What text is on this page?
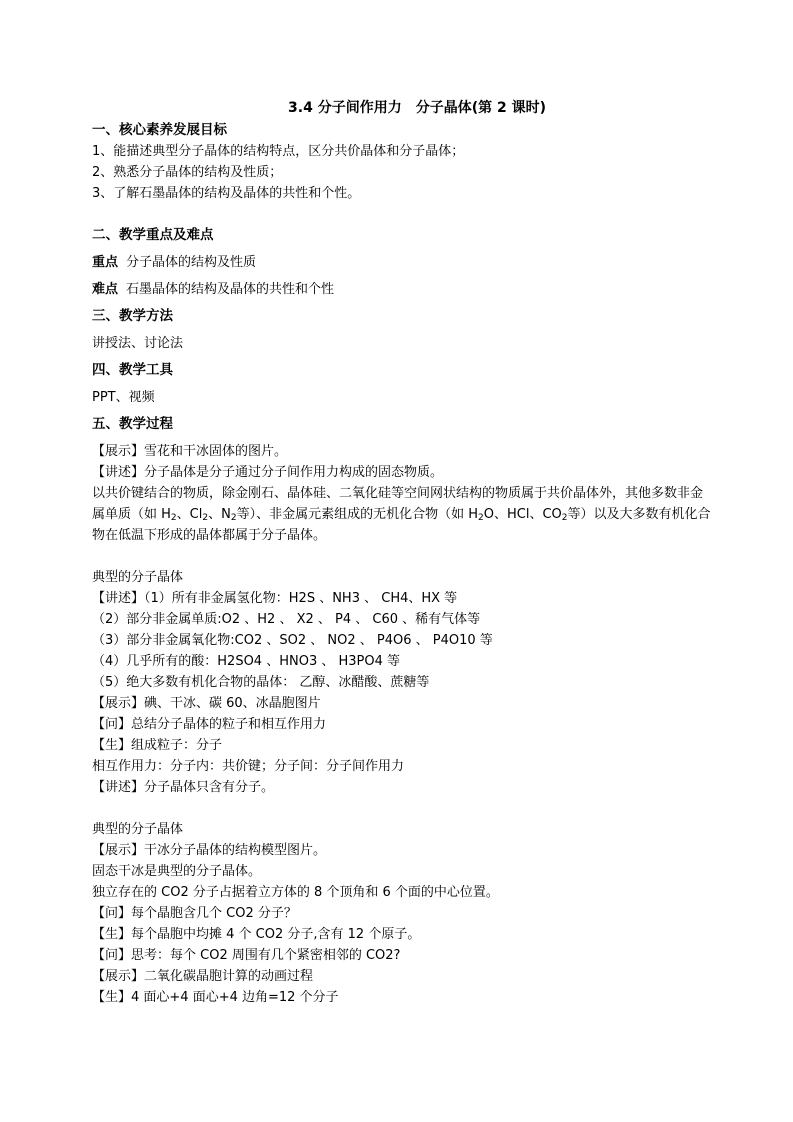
3.4 分子间作用力　分子晶体(第 2 课时)
一、核心素养发展目标
1、能描述典型分子晶体的结构特点，区分共价晶体和分子晶体；
2、熟悉分子晶体的结构及性质；
3、了解石墨晶体的结构及晶体的共性和个性。
二、教学重点及难点
重点 分子晶体的结构及性质
难点 石墨晶体的结构及晶体的共性和个性
三、教学方法
讲授法、讨论法
四、教学工具
PPT、视频
五、教学过程
【展示】雪花和干冰固体的图片。
【讲述】分子晶体是分子通过分子间作用力构成的固态物质。
以共价键结合的物质，除金刚石、晶体硅、二氧化硅等空间网状结构的物质属于共价晶体外，其他多数非金属单质（如 $H_2$、$Cl_2$、$N_2$等）、非金属元素组成的无机化合物（如 $H_2O$、HCl、$CO_2$等）以及大多数有机化合物在低温下形成的晶体都属于分子晶体。
典型的分子晶体
【讲述】（1）所有非金属氢化物：H2S 、NH3 、 CH4、HX 等
（2）部分非金属单质:O2 、H2 、 X2 、 P4 、 C60 、稀有气体等
（3）部分非金属氧化物:CO2 、SO2 、 NO2 、 P4O6 、 P4O10 等
（4）几乎所有的酸：H2SO4 、HNO3 、 H3PO4 等
（5）绝大多数有机化合物的晶体： 乙醇、冰醋酸、蔗糖等
【展示】碘、干冰、碳 60、冰晶胞图片
【问】总结分子晶体的粒子和相互作用力
【生】组成粒子：分子
相互作用力：分子内：共价键；分子间：分子间作用力
【讲述】分子晶体只含有分子。
典型的分子晶体
【展示】干冰分子晶体的结构模型图片。
固态干冰是典型的分子晶体。
独立存在的 CO2 分子占据着立方体的 8 个顶角和 6 个面的中心位置。
【问】每个晶胞含几个 CO2 分子？
【生】每个晶胞中均摊 4 个 CO2 分子,含有 12 个原子。
【问】思考：每个 CO2 周围有几个紧密相邻的 CO2?
【展示】二氧化碳晶胞计算的动画过程
【生】4 面心+4 面心+4 边角=12 个分子
